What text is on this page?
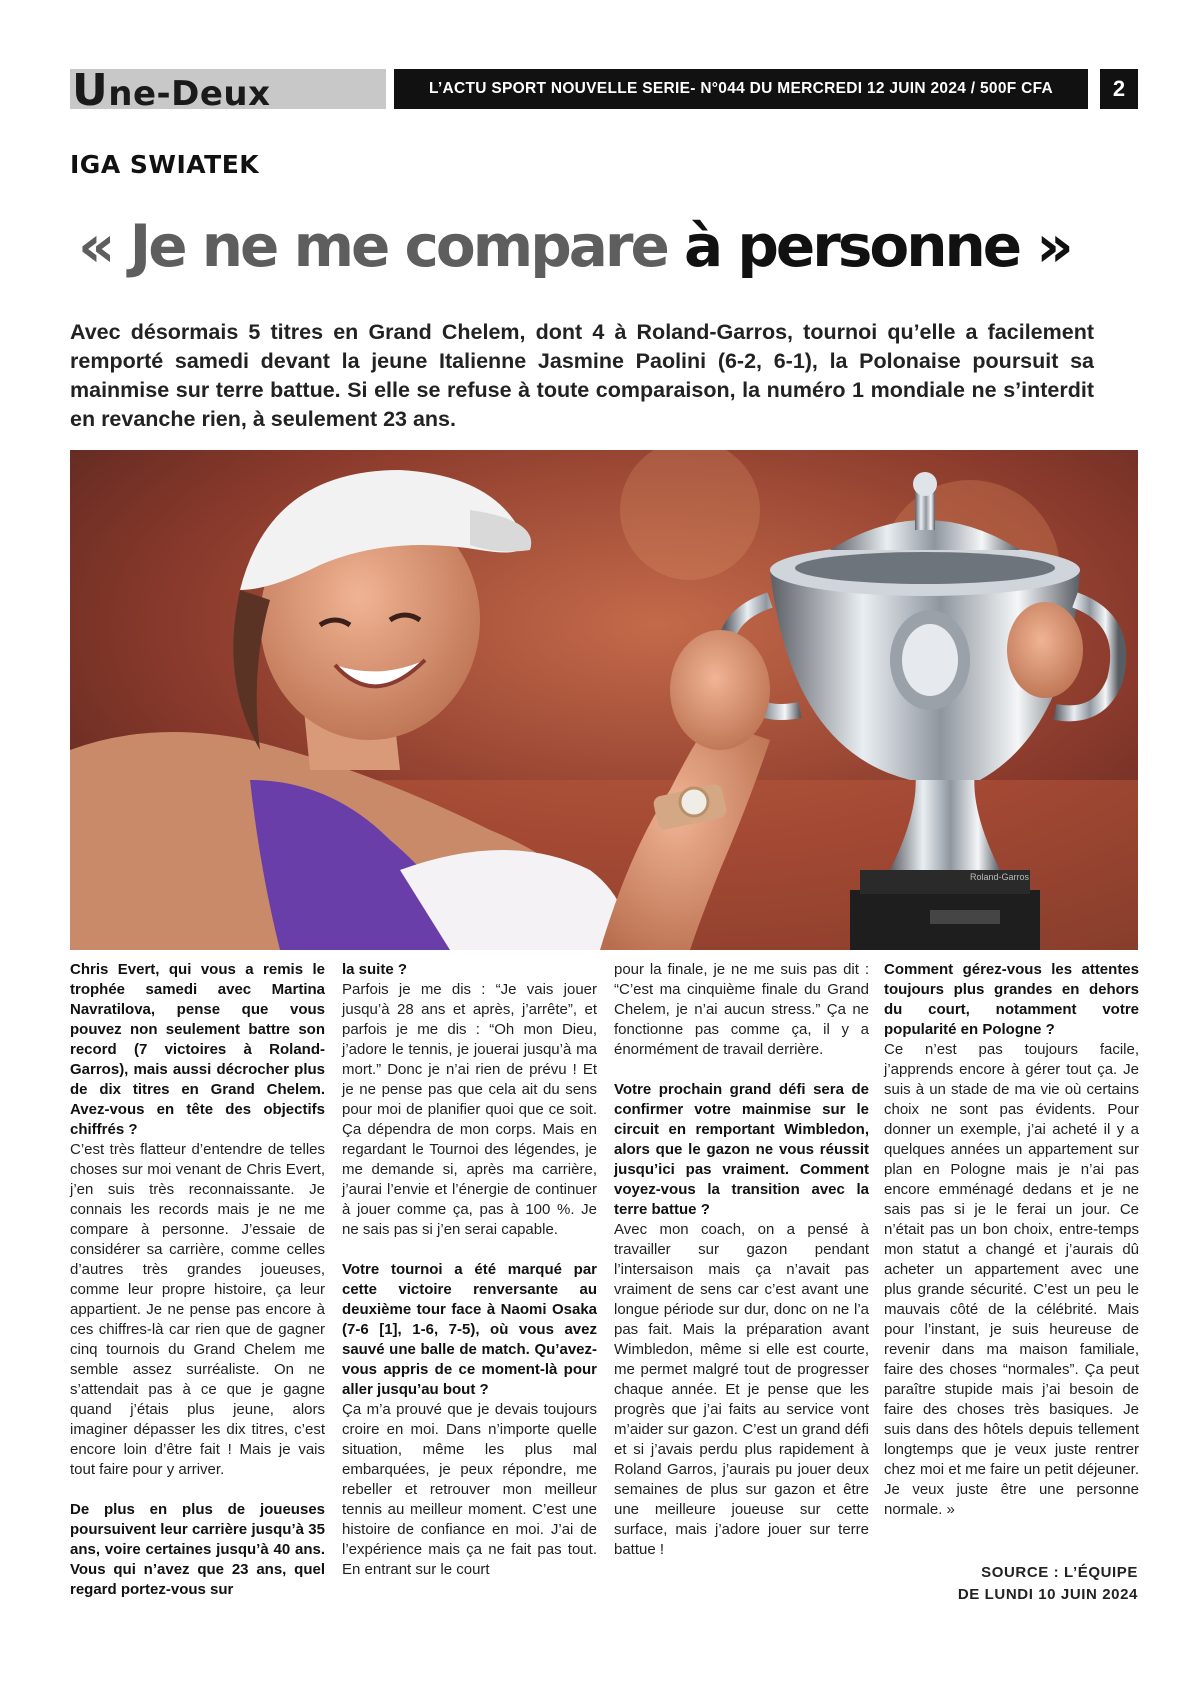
Une-Deux	L’ACTU SPORT NOUVELLE SERIE- N°044 DU MERCREDI 12 JUIN 2024 / 500F CFA	2
IGA SWIATEK
« Je ne me compare à personne »
Avec désormais 5 titres en Grand Chelem, dont 4 à Roland-Garros, tournoi qu’elle a facilement remporté samedi devant la jeune Italienne Jasmine Paolini (6-2, 6-1), la Polonaise poursuit sa mainmise sur terre battue. Si elle se refuse à toute comparaison, la numéro 1 mondiale ne s’interdit en revanche rien, à seulement 23 ans.
Roland-Garros

Chris Evert, qui vous a remis le trophée samedi avec Martina Navratilova, pense que vous pouvez non seulement battre son record (7 victoires à Roland-Garros), mais aussi décrocher plus de dix titres en Grand Chelem. Avez-vous en tête des objectifs chiffrés ?

C’est très flatteur d’entendre de telles choses sur moi venant de Chris Evert, j’en suis très reconnaissante. Je connais les records mais je ne me compare à personne. J’essaie de considérer sa carrière, comme celles d’autres très grandes joueuses, comme leur propre histoire, ça leur appartient. Je ne pense pas encore à ces chiffres-là car rien que de gagner cinq tournois du Grand Chelem me semble assez surréaliste. On ne s’attendait pas à ce que je gagne quand j’étais plus jeune, alors imaginer dépasser les dix titres, c’est encore loin d’être fait ! Mais je vais tout faire pour y arriver.

De plus en plus de joueuses poursuivent leur carrière jusqu’à 35 ans, voire certaines jusqu’à 40 ans. Vous qui n’avez que 23 ans, quel regard portez-vous sur

la suite ?

Parfois je me dis : “Je vais jouer jusqu’à 28 ans et après, j’arrête”, et parfois je me dis : “Oh mon Dieu, j’adore le tennis, je jouerai jusqu’à ma mort.” Donc je n’ai rien de prévu ! Et je ne pense pas que cela ait du sens pour moi de planifier quoi que ce soit. Ça dépendra de mon corps. Mais en regardant le Tournoi des légendes, je me demande si, après ma carrière, j’aurai l’envie et l’énergie de continuer à jouer comme ça, pas à 100 %. Je ne sais pas si j’en serai capable.

Votre tournoi a été marqué par cette victoire renversante au deuxième tour face à Naomi Osaka (7-6 [1], 1-6, 7-5), où vous avez sauvé une balle de match. Qu’avez-vous appris de ce moment-là pour aller jusqu’au bout ?

Ça m’a prouvé que je devais toujours croire en moi. Dans n’importe quelle situation, même les plus mal embarquées, je peux répondre, me rebeller et retrouver mon meilleur tennis au meilleur moment. C’est une histoire de confiance en moi. J’ai de l’expérience mais ça ne fait pas tout. En entrant sur le court

pour la finale, je ne me suis pas dit : “C’est ma cinquième finale du Grand Chelem, je n’ai aucun stress.” Ça ne fonctionne pas comme ça, il y a énormément de travail derrière.

Votre prochain grand défi sera de confirmer votre mainmise sur le circuit en remportant Wimbledon, alors que le gazon ne vous réussit jusqu’ici pas vraiment. Comment voyez-vous la transition avec la terre battue ?

Avec mon coach, on a pensé à travailler sur gazon pendant l’intersaison mais ça n’avait pas vraiment de sens car c’est avant une longue période sur dur, donc on ne l’a pas fait. Mais la préparation avant Wimbledon, même si elle est courte, me permet malgré tout de progresser chaque année. Et je pense que les progrès que j’ai faits au service vont m’aider sur gazon. C’est un grand défi et si j’avais perdu plus rapidement à Roland Garros, j’aurais pu jouer deux semaines de plus sur gazon et être une meilleure joueuse sur cette surface, mais j’adore jouer sur terre battue !

Comment gérez-vous les attentes toujours plus grandes en dehors du court, notamment votre popularité en Pologne ?

Ce n’est pas toujours facile, j’apprends encore à gérer tout ça. Je suis à un stade de ma vie où certains choix ne sont pas évidents. Pour donner un exemple, j’ai acheté il y a quelques années un appartement sur plan en Pologne mais je n’ai pas encore emménagé dedans et je ne sais pas si je le ferai un jour. Ce n’était pas un bon choix, entre-temps mon statut a changé et j’aurais dû acheter un appartement avec une plus grande sécurité. C’est un peu le mauvais côté de la célébrité. Mais pour l’instant, je suis heureuse de revenir dans ma maison familiale, faire des choses “normales”. Ça peut paraître stupide mais j’ai besoin de faire des choses très basiques. Je suis dans des hôtels depuis tellement longtemps que je veux juste rentrer chez moi et me faire un petit déjeuner. Je veux juste être une personne normale. »

SOURCE : L’ÉQUIPE
DE LUNDI 10 JUIN 2024
